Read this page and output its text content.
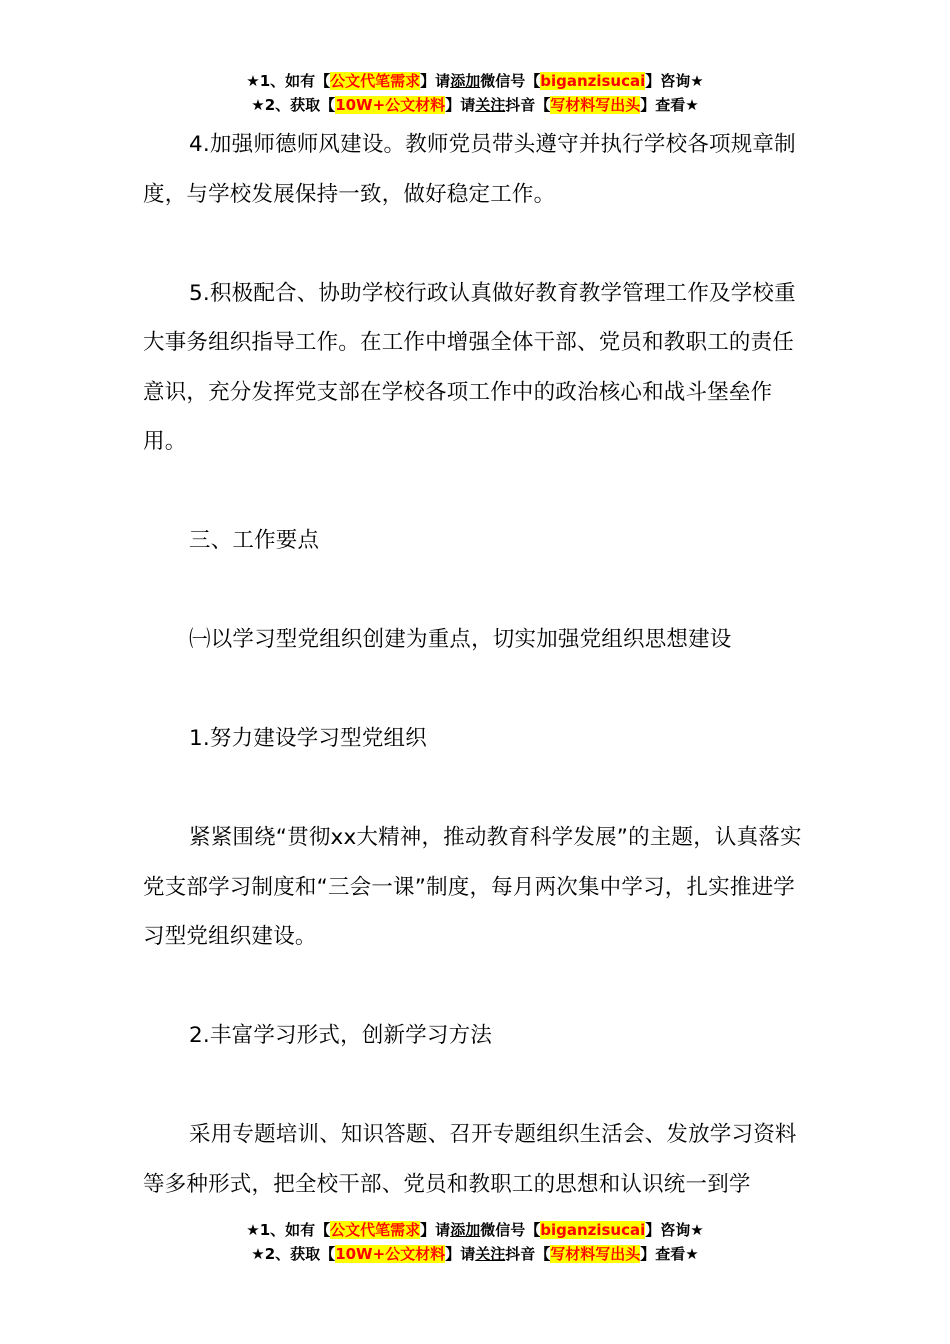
★1、如有【公文代笔需求】请添加微信号【biganzisucai】咨询★
★2、获取【10W+公文材料】请关注抖音【写材料写出头】查看★

4.加强师德师风建设。教师党员带头遵守并执行学校各项规章制度，与学校发展保持一致，做好稳定工作。

5.积极配合、协助学校行政认真做好教育教学管理工作及学校重大事务组织指导工作。在工作中增强全体干部、党员和教职工的责任意识，充分发挥党支部在学校各项工作中的政治核心和战斗堡垒作用。

三、工作要点

㈠以学习型党组织创建为重点，切实加强党组织思想建设

1.努力建设学习型党组织

紧紧围绕“贯彻xx大精神，推动教育科学发展”的主题，认真落实党支部学习制度和“三会一课”制度，每月两次集中学习，扎实推进学习型党组织建设。

2.丰富学习形式，创新学习方法

采用专题培训、知识答题、召开专题组织生活会、发放学习资料等多种形式，把全校干部、党员和教职工的思想和认识统一到学

★1、如有【公文代笔需求】请添加微信号【biganzisucai】咨询★
★2、获取【10W+公文材料】请关注抖音【写材料写出头】查看★
